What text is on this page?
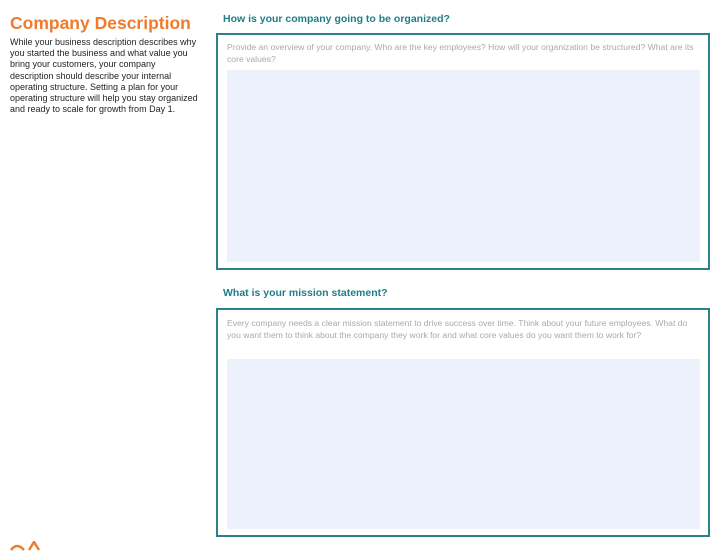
Company Description

While your business description describes why you started the business and what value you bring your customers, your company description should describe your internal operating structure. Setting a plan for your operating structure will help you stay organized and ready to scale for growth from Day 1.

How is your company going to be organized?

Provide an overview of your company. Who are the key employees? How will your organization be structured? What are its core values?

What is your mission statement?

Every company needs a clear mission statement to drive success over time. Think about your future employees. What do you want them to think about the company they work for and what core values do you want them to work for?
